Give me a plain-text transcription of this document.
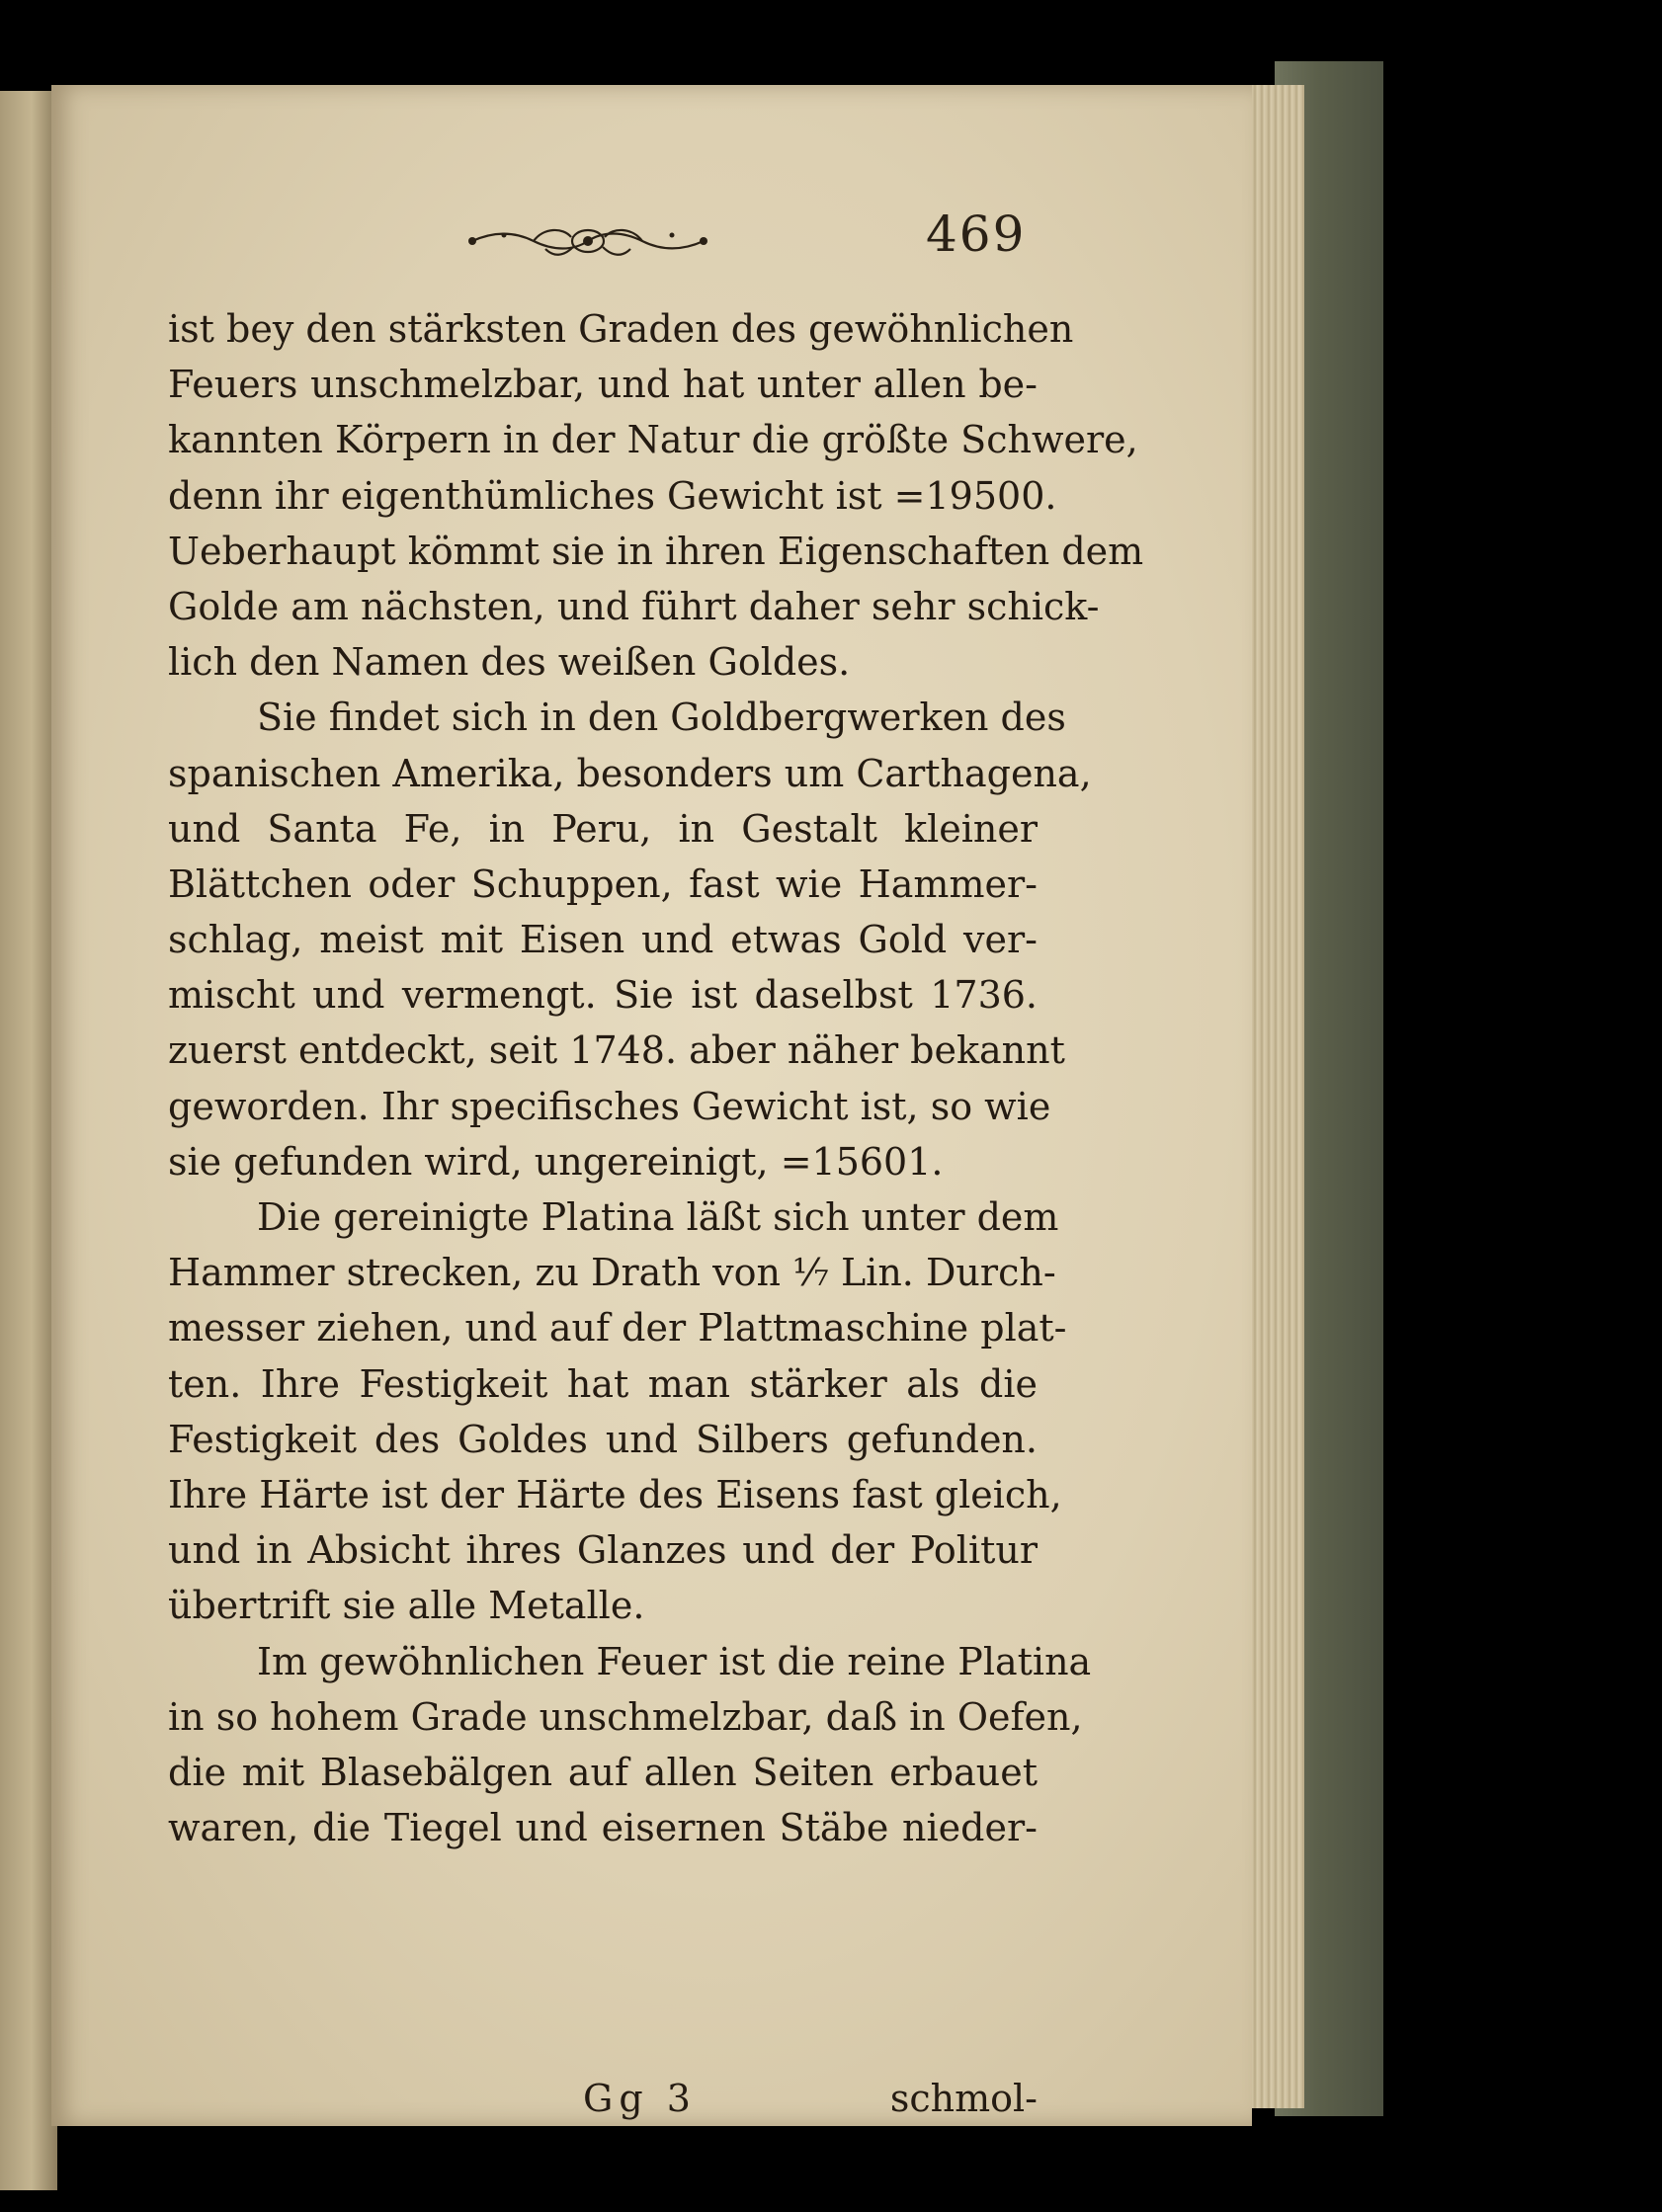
469
ist bey den stärksten Graden des gewöhnlichen
Feuers unschmelzbar, und hat unter allen be-
kannten Körpern in der Natur die größte Schwere,
denn ihr eigenthümliches Gewicht ist =19500.
Ueberhaupt kömmt sie in ihren Eigenschaften dem
Golde am nächsten, und führt daher sehr schick-
lich den Namen des weißen Goldes.
Sie findet sich in den Goldbergwerken des
spanischen Amerika, besonders um Carthagena,
und Santa Fe, in Peru, in Gestalt kleiner
Blättchen oder Schuppen, fast wie Hammer-
schlag, meist mit Eisen und etwas Gold ver-
mischt und vermengt. Sie ist daselbst 1736.
zuerst entdeckt, seit 1748. aber näher bekannt
geworden. Ihr specifisches Gewicht ist, so wie
sie gefunden wird, ungereinigt, =15601.
Die gereinigte Platina läßt sich unter dem
Hammer strecken, zu Drath von ⅐ Lin. Durch-
messer ziehen, und auf der Plattmaschine plat-
ten. Ihre Festigkeit hat man stärker als die
Festigkeit des Goldes und Silbers gefunden.
Ihre Härte ist der Härte des Eisens fast gleich,
und in Absicht ihres Glanzes und der Politur
übertrift sie alle Metalle.
Im gewöhnlichen Feuer ist die reine Platina
in so hohem Grade unschmelzbar, daß in Oefen,
die mit Blasebälgen auf allen Seiten erbauet
waren, die Tiegel und eisernen Stäbe nieder-
Gg 3	schmol-
